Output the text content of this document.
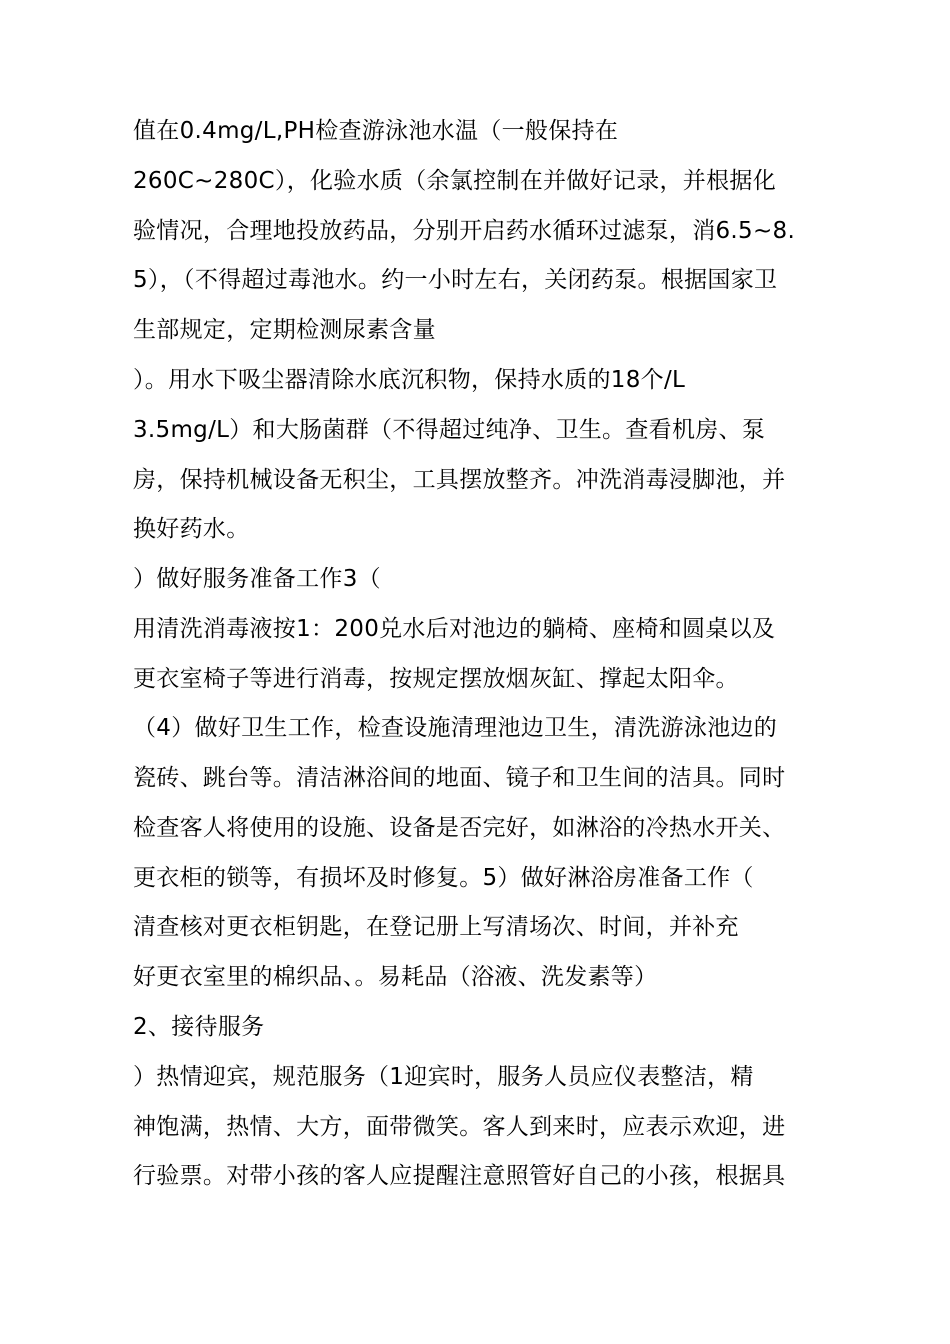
值在0.4mg/L,PH检查游泳池水温（一般保持在
260C~280C），化验水质（余氯控制在并做好记录，并根据化
验情况，合理地投放药品，分别开启药水循环过滤泵，消6.5~8.
5），（不得超过毒池水。约一小时左右，关闭药泵。根据国家卫
生部规定，定期检测尿素含量
）。用水下吸尘器清除水底沉积物，保持水质的18个/L
3.5mg/L）和大肠菌群（不得超过纯净、卫生。查看机房、泵
房，保持机械设备无积尘，工具摆放整齐。冲洗消毒浸脚池，并
换好药水。
）做好服务准备工作3（
用清洗消毒液按1：200兑水后对池边的躺椅、座椅和圆桌以及
更衣室椅子等进行消毒，按规定摆放烟灰缸、撑起太阳伞。
（4）做好卫生工作，检查设施清理池边卫生，清洗游泳池边的
瓷砖、跳台等。清洁淋浴间的地面、镜子和卫生间的洁具。同时
检查客人将使用的设施、设备是否完好，如淋浴的冷热水开关、
更衣柜的锁等，有损坏及时修复。5）做好淋浴房准备工作（
清查核对更衣柜钥匙，在登记册上写清场次、时间，并补充
好更衣室里的棉织品、。易耗品（浴液、洗发素等）
2、接待服务
）热情迎宾，规范服务（1迎宾时，服务人员应仪表整洁，精
神饱满，热情、大方，面带微笑。客人到来时，应表示欢迎，进
行验票。对带小孩的客人应提醒注意照管好自己的小孩，根据具
